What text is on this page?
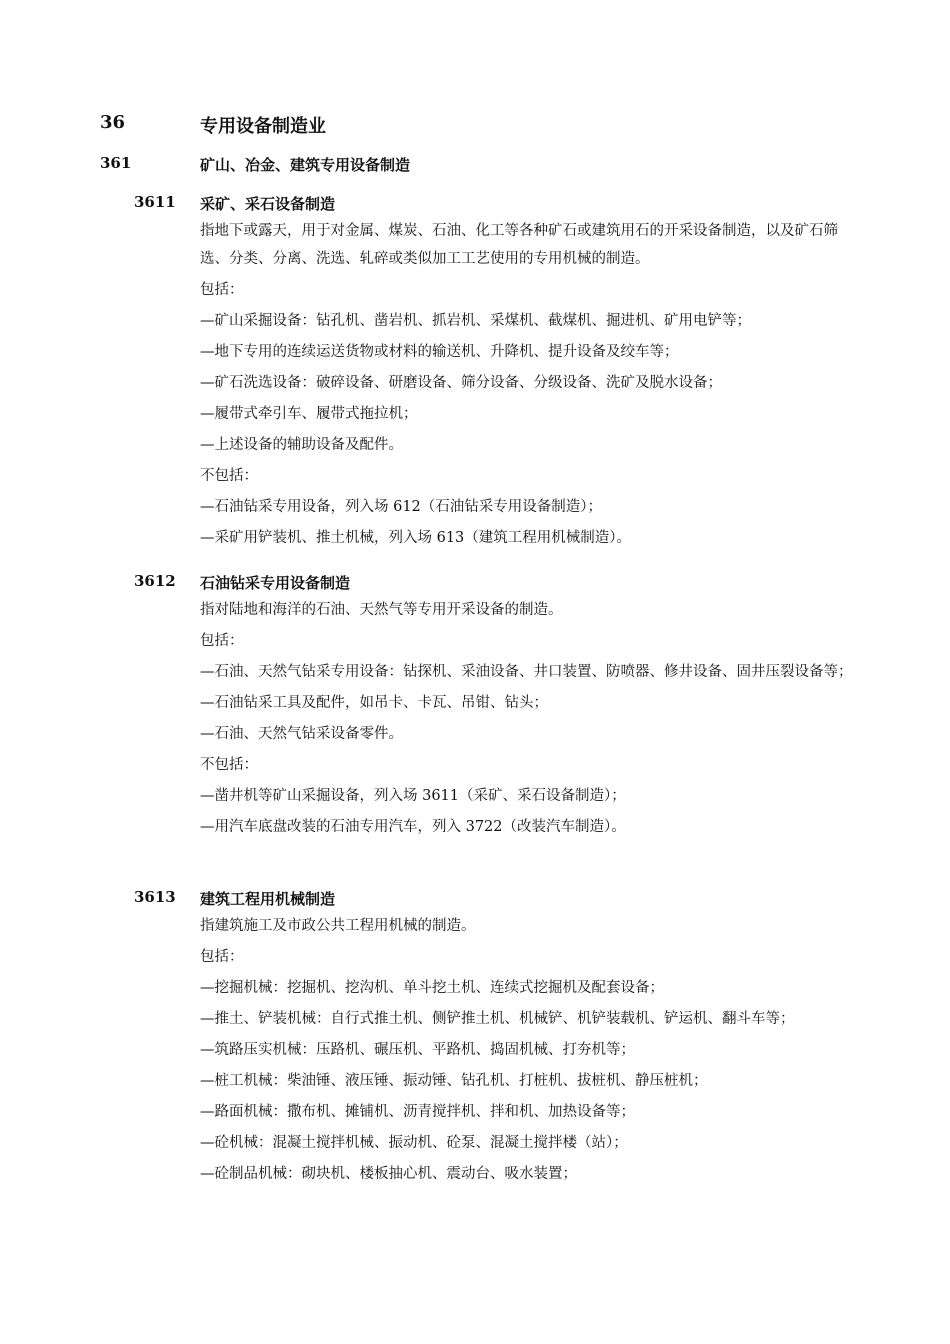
36	专用设备制造业
361	矿山、冶金、建筑专用设备制造
3611 采矿、采石设备制造
指地下或露天，用于对金属、煤炭、石油、化工等各种矿石或建筑用石的开采设备制造，以及矿石筛选、分类、分离、洗选、轧碎或类似加工工艺使用的专用机械的制造。
包括：
—矿山采掘设备：钻孔机、凿岩机、抓岩机、采煤机、截煤机、掘进机、矿用电铲等；
—地下专用的连续运送货物或材料的输送机、升降机、提升设备及绞车等；
—矿石洗选设备：破碎设备、研磨设备、筛分设备、分级设备、洗矿及脱水设备；
—履带式牵引车、履带式拖拉机；
—上述设备的辅助设备及配件。
不包括：
—石油钻采专用设备，列入场 612（石油钻采专用设备制造）；
—采矿用铲装机、推土机械，列入场 613（建筑工程用机械制造）。
3612 石油钻采专用设备制造
指对陆地和海洋的石油、天然气等专用开采设备的制造。
包括：
—石油、天然气钻采专用设备：钻探机、采油设备、井口装置、防喷器、修井设备、固井压裂设备等；
—石油钻采工具及配件，如吊卡、卡瓦、吊钳、钻头；
—石油、天然气钻采设备零件。
不包括：
—凿井机等矿山采掘设备，列入场 3611（采矿、采石设备制造）；
—用汽车底盘改装的石油专用汽车，列入 3722（改装汽车制造）。
3613 建筑工程用机械制造
指建筑施工及市政公共工程用机械的制造。
包括：
—挖掘机械：挖掘机、挖沟机、单斗挖土机、连续式挖掘机及配套设备；
—推土、铲装机械：自行式推土机、侧铲推土机、机械铲、机铲装载机、铲运机、翻斗车等；
—筑路压实机械：压路机、碾压机、平路机、捣固机械、打夯机等；
—桩工机械：柴油锤、液压锤、振动锤、钻孔机、打桩机、拔桩机、静压桩机；
—路面机械：撒布机、摊铺机、沥青搅拌机、拌和机、加热设备等；
—砼机械：混凝土搅拌机械、振动机、砼泵、混凝土搅拌楼（站）；
—砼制品机械：砌块机、楼板抽心机、震动台、吸水装置；
